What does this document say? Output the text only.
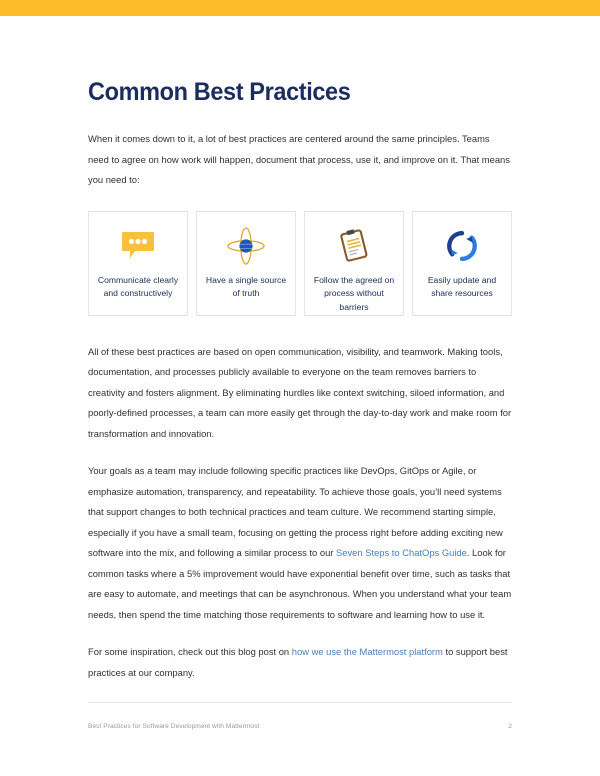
Common Best Practices

When it comes down to it, a lot of best practices are centered around the same principles. Teams need to agree on how work will happen, document that process, use it, and improve on it. That means you need to:

Communicate clearly and constructively
Have a single source of truth
Follow the agreed on process without barriers
Easily update and share resources

All of these best practices are based on open communication, visibility, and teamwork. Making tools, documentation, and processes publicly available to everyone on the team removes barriers to creativity and fosters alignment. By eliminating hurdles like context switching, siloed information, and poorly-defined processes, a team can more easily get through the day-to-day work and make room for transformation and innovation.

Your goals as a team may include following specific practices like DevOps, GitOps or Agile, or emphasize automation, transparency, and repeatability. To achieve those goals, you’ll need systems that support changes to both technical practices and team culture. We recommend starting simple, especially if you have a small team, focusing on getting the process right before adding exciting new software into the mix, and following a similar process to our Seven Steps to ChatOps Guide. Look for common tasks where a 5% improvement would have exponential benefit over time, such as tasks that are easy to automate, and meetings that can be asynchronous. When you understand what your team needs, then spend the time matching those requirements to software and learning how to use it.

For some inspiration, check out this blog post on how we use the Mattermost platform to support best practices at our company.

Best Practices for Software Development with Mattermost	2
